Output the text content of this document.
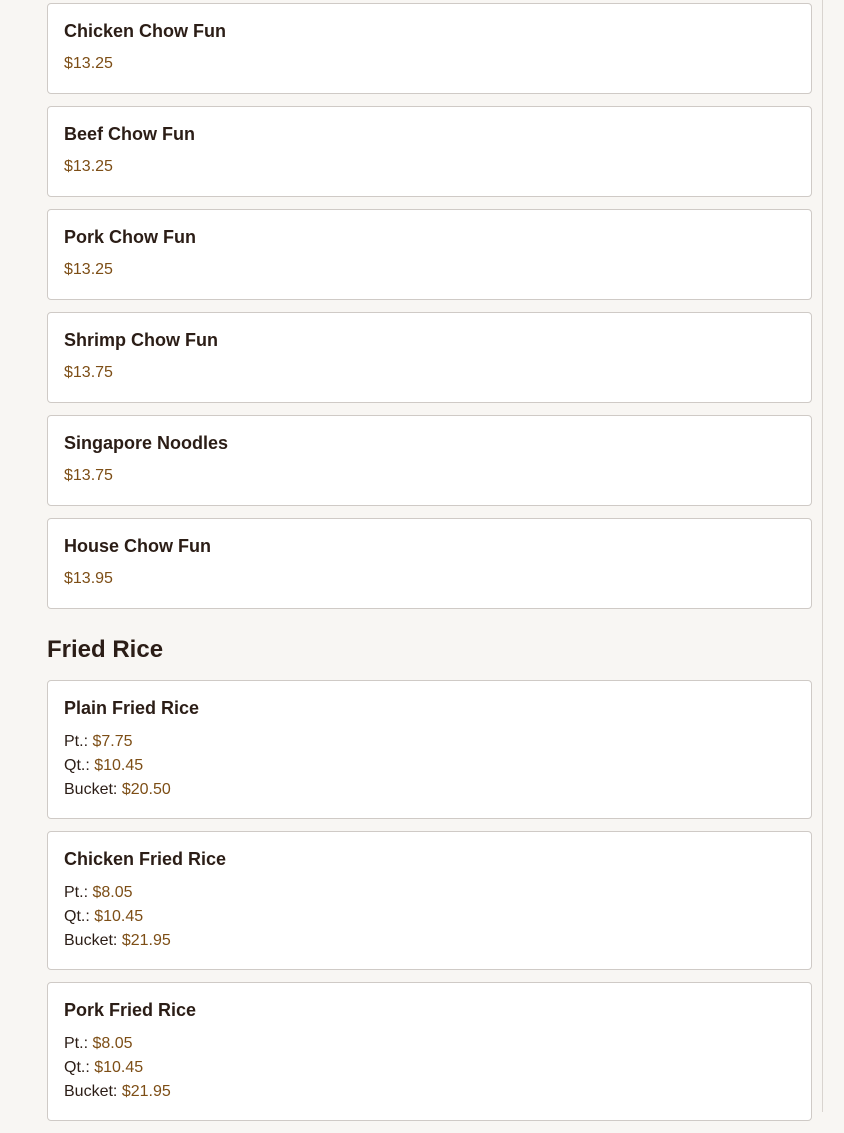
Chicken Chow Fun
$13.25
Beef Chow Fun
$13.25
Pork Chow Fun
$13.25
Shrimp Chow Fun
$13.75
Singapore Noodles
$13.75
House Chow Fun
$13.95
Fried Rice
Plain Fried Rice
Pt.: $7.75
Qt.: $10.45
Bucket: $20.50
Chicken Fried Rice
Pt.: $8.05
Qt.: $10.45
Bucket: $21.95
Pork Fried Rice
Pt.: $8.05
Qt.: $10.45
Bucket: $21.95
